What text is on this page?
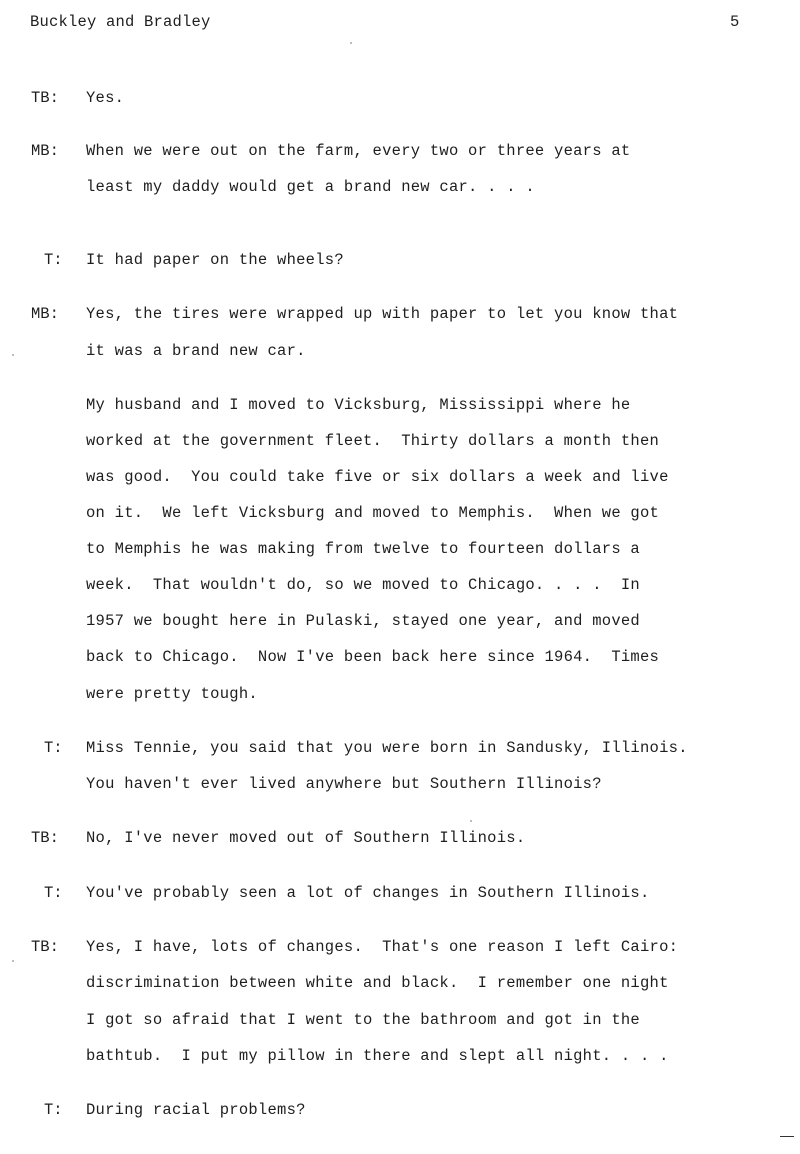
Buckley and Bradley	5
TB: Yes.
MB: When we were out on the farm, every two or three years at
least my daddy would get a brand new car. . . .
T: It had paper on the wheels?
MB: Yes, the tires were wrapped up with paper to let you know that
it was a brand new car.
My husband and I moved to Vicksburg, Mississippi where he
worked at the government fleet.  Thirty dollars a month then
was good.  You could take five or six dollars a week and live
on it.  We left Vicksburg and moved to Memphis.  When we got
to Memphis he was making from twelve to fourteen dollars a
week.  That wouldn't do, so we moved to Chicago. . . .  In
1957 we bought here in Pulaski, stayed one year, and moved
back to Chicago.  Now I've been back here since 1964.  Times
were pretty tough.
T: Miss Tennie, you said that you were born in Sandusky, Illinois.
You haven't ever lived anywhere but Southern Illinois?
TB: No, I've never moved out of Southern Illinois.
T: You've probably seen a lot of changes in Southern Illinois.
TB: Yes, I have, lots of changes.  That's one reason I left Cairo:
discrimination between white and black.  I remember one night
I got so afraid that I went to the bathroom and got in the
bathtub.  I put my pillow in there and slept all night. . . .
T: During racial problems?
